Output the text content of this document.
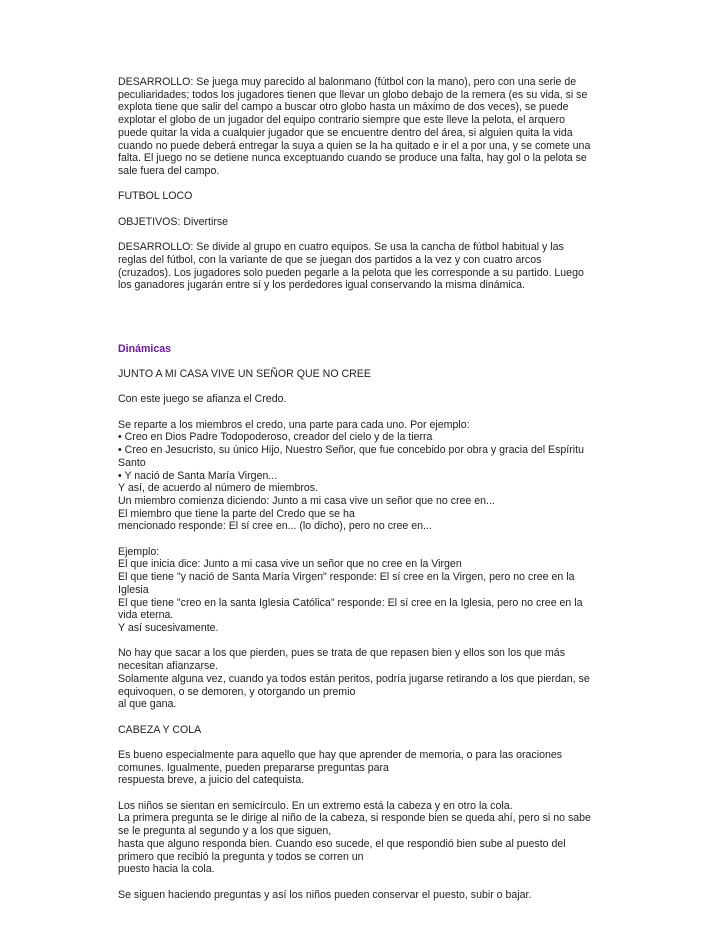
DESARROLLO: Se juega muy parecido al balonmano (fútbol con la mano), pero con una serie de
peculiaridades; todos los jugadores tienen que llevar un globo debajo de la remera (es su vida, si se
explota tiene que salir del campo a buscar otro globo hasta un máximo de dos veces), se puede
explotar el globo de un jugador del equipo contrario siempre que este lleve la pelota, el arquero
puede quitar la vida a cualquier jugador que se encuentre dentro del área, si alguien quita la vida
cuando no puede deberá entregar la suya a quien se la ha quitado e ir el a por una, y se comete una
falta. El juego no se detiene nunca exceptuando cuando se produce una falta, hay gol o la pelota se
sale fuera del campo.
FUTBOL LOCO
OBJETIVOS: Divertirse
DESARROLLO: Se divide al grupo en cuatro equipos. Se usa la cancha de fútbol habitual y las
reglas del fútbol, con la variante de que se juegan dos partidos a la vez y con cuatro arcos
(cruzados). Los jugadores solo pueden pegarle a la pelota que les corresponde a su partido. Luego
los ganadores jugarán entre sí y los perdedores igual conservando la misma dinámica.
Dinámicas
JUNTO A MI CASA VIVE UN SEÑOR QUE NO CREE
Con este juego se afianza el Credo.
Se reparte a los miembros el credo, una parte para cada uno. Por ejemplo:
• Creo en Dios Padre Todopoderoso, creador del cielo y de la tierra
• Creo en Jesucristo, su único Hijo, Nuestro Señor, que fue concebido por obra y gracia del Espíritu
Santo
• Y nació de Santa María Virgen...
Y así, de acuerdo al número de miembros.
Un miembro comienza diciendo: Junto a mi casa vive un señor que no cree en...
El miembro que tiene la parte del Credo que se ha
mencionado responde: El sí cree en... (lo dicho), pero no cree en...
Ejemplo:
El que inicia dice: Junto a mi casa vive un señor que no cree en la Virgen
El que tiene "y nació de Santa María Virgen" responde: El sí cree en la Virgen, pero no cree en la
Iglesia
El que tiene "creo en la santa Iglesia Católica" responde: El sí cree en la Iglesia, pero no cree en la
vida eterna.
Y así sucesivamente.
No hay que sacar a los que pierden, pues se trata de que repasen bien y ellos son los que más
necesitan afianzarse.
Solamente alguna vez, cuando ya todos están peritos, podría jugarse retirando a los que pierdan, se
equivoquen, o se demoren, y otorgando un premio
al que gana.
CABEZA Y COLA
Es bueno especialmente para aquello que hay que aprender de memoria, o para las oraciones
comunes. Igualmente, pueden prepararse preguntas para
respuesta breve, a juicio del catequista.
Los niños se sientan en semicírculo. En un extremo está la cabeza y en otro la cola.
La primera pregunta se le dirige al niño de la cabeza, si responde bien se queda ahí, pero si no sabe
se le pregunta al segundo y a los que siguen,
hasta que alguno responda bien. Cuando eso sucede, el que respondió bien sube al puesto del
primero que recibió la pregunta y todos se corren un
puesto hacia la cola.
Se siguen haciendo preguntas y así los niños pueden conservar el puesto, subir o bajar.
